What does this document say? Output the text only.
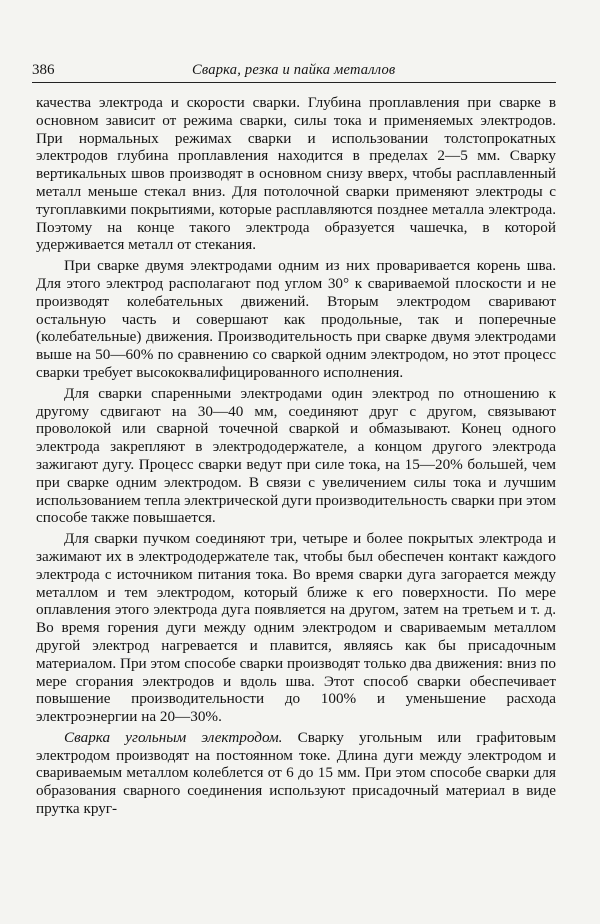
386	Сварка, резка и пайка металлов

качества электрода и скорости сварки. Глубина проплавления при сварке в основном зависит от режима сварки, силы тока и применяемых электродов. При нормальных режимах сварки и использовании толстопрокатных электродов глубина проплавления находится в пределах 2—5 мм. Сварку вертикальных швов производят в основном снизу вверх, чтобы расплавленный металл меньше стекал вниз. Для потолочной сварки применяют электроды с тугоплавкими покрытиями, которые расплавляются позднее металла электрода. Поэтому на конце такого электрода образуется чашечка, в которой удерживается металл от стекания.

При сварке двумя электродами одним из них проваривается корень шва. Для этого электрод располагают под углом 30° к свариваемой плоскости и не производят колебательных движений. Вторым электродом сваривают остальную часть и совершают как продольные, так и поперечные (колебательные) движения. Производительность при сварке двумя электродами выше на 50—60% по сравнению со сваркой одним электродом, но этот процесс сварки требует высококвалифицированного исполнения.

Для сварки спаренными электродами один электрод по отношению к другому сдвигают на 30—40 мм, соединяют друг с другом, связывают проволокой или сварной точечной сваркой и обмазывают. Конец одного электрода закрепляют в электрододержателе, а концом другого электрода зажигают дугу. Процесс сварки ведут при силе тока, на 15—20% большей, чем при сварке одним электродом. В связи с увеличением силы тока и лучшим использованием тепла электрической дуги производительность сварки при этом способе также повышается.

Для сварки пучком соединяют три, четыре и более покрытых электрода и зажимают их в электрододержателе так, чтобы был обеспечен контакт каждого электрода с источником питания тока. Во время сварки дуга загорается между металлом и тем электродом, который ближе к его поверхности. По мере оплавления этого электрода дуга появляется на другом, затем на третьем и т. д. Во время горения дуги между одним электродом и свариваемым металлом другой электрод нагревается и плавится, являясь как бы присадочным материалом. При этом способе сварки производят только два движения: вниз по мере сгорания электродов и вдоль шва. Этот способ сварки обеспечивает повышение производительности до 100% и уменьшение расхода электроэнергии на 20—30%.

Сварка угольным электродом. Сварку угольным или графитовым электродом производят на постоянном токе. Длина дуги между электродом и свариваемым металлом колеблется от 6 до 15 мм. При этом способе сварки для образования сварного соединения используют присадочный материал в виде прутка круг-
